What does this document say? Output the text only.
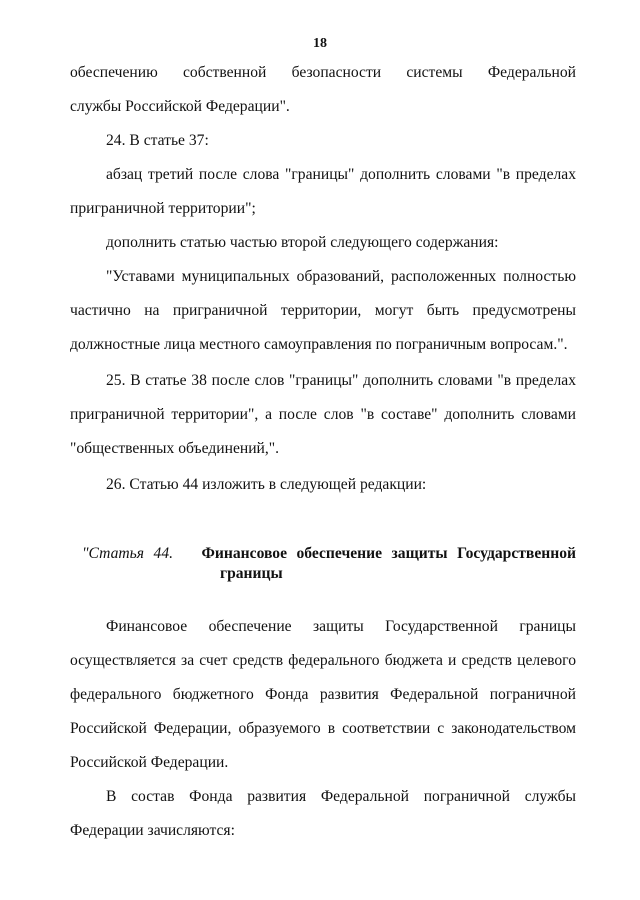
18
обеспечению собственной безопасности системы Федеральной
службы Российской Федерации".
24. В статье 37:
абзац третий после слова "границы" дополнить словами "в пределах
приграничной территории";
дополнить статью частью второй следующего содержания:
"Уставами муниципальных образований, расположенных полностью
частично на приграничной территории, могут быть предусмотрены
должностные лица местного самоуправления по пограничным вопросам.".
25. В статье 38 после слов "границы" дополнить словами "в пределах
приграничной территории", а после слов "в составе" дополнить словами
"общественных объединений,".
26. Статью 44 изложить в следующей редакции:
"Статья 44. Финансовое обеспечение защиты Государственной
границы
Финансовое обеспечение защиты Государственной границы
осуществляется за счет средств федерального бюджета и средств целевого
федерального бюджетного Фонда развития Федеральной пограничной
Российской Федерации, образуемого в соответствии с законодательством
Российской Федерации.
В состав Фонда развития Федеральной пограничной службы
Федерации зачисляются:
